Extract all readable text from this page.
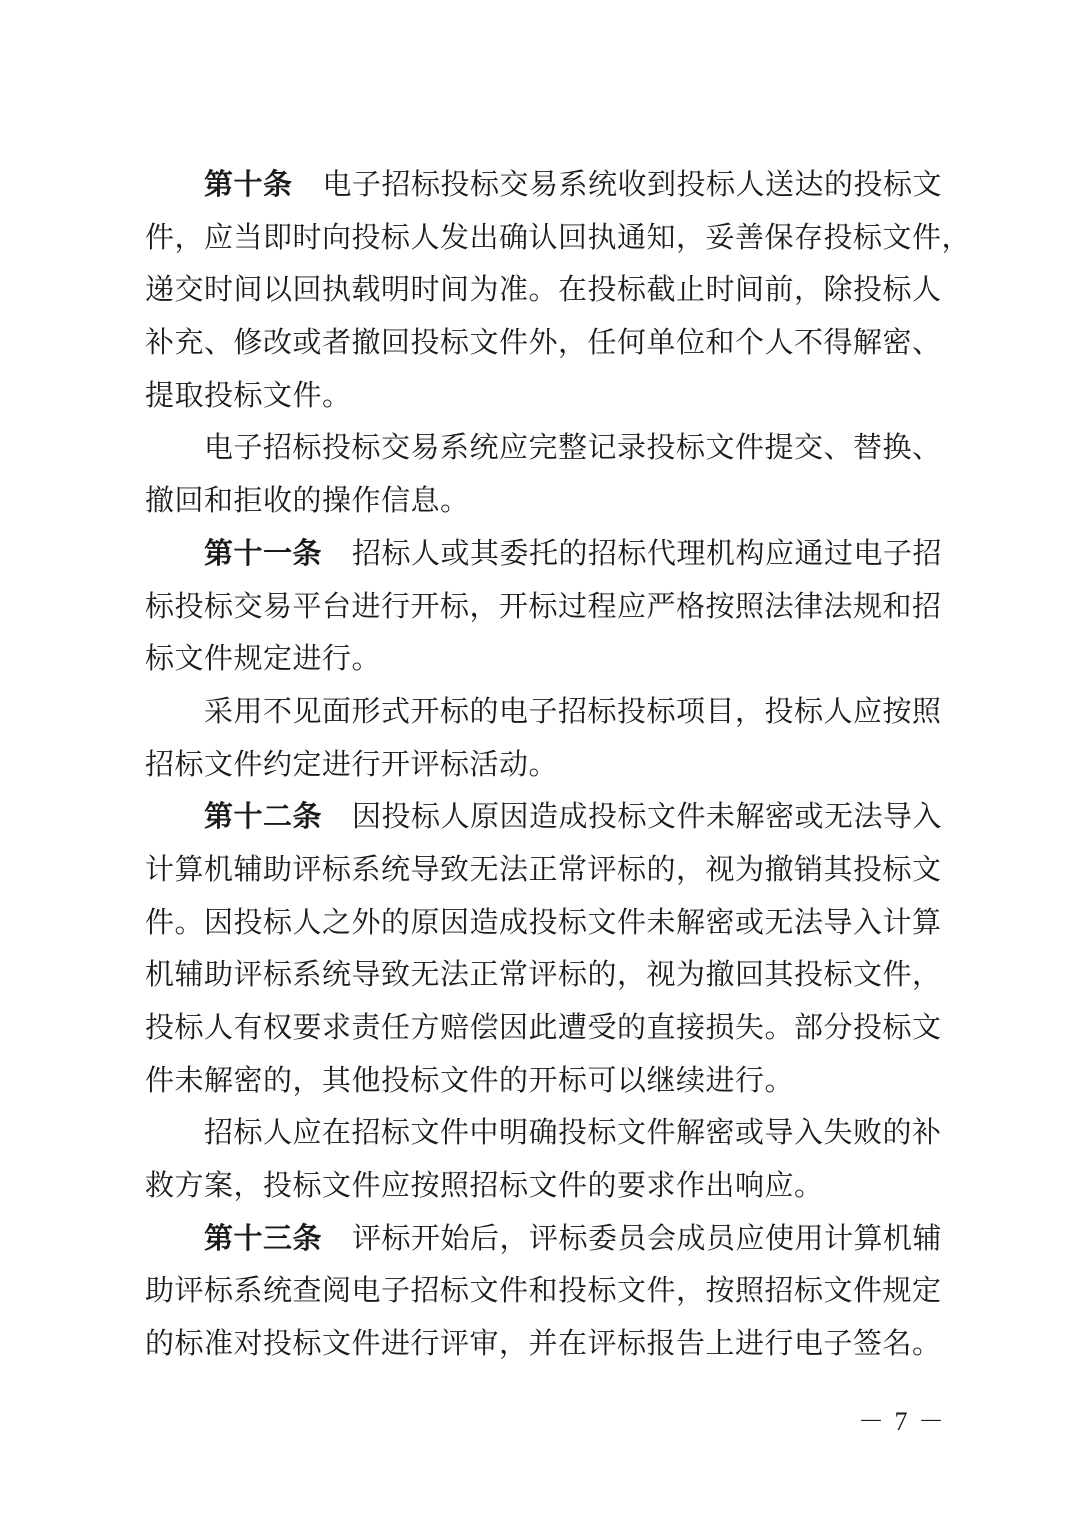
第十条 电子招标投标交易系统收到投标人送达的投标文
件，应当即时向投标人发出确认回执通知，妥善保存投标文件，
递交时间以回执载明时间为准。在投标截止时间前，除投标人
补充、修改或者撤回投标文件外，任何单位和个人不得解密、
提取投标文件。
电子招标投标交易系统应完整记录投标文件提交、替换、
撤回和拒收的操作信息。
第十一条 招标人或其委托的招标代理机构应通过电子招
标投标交易平台进行开标，开标过程应严格按照法律法规和招
标文件规定进行。
采用不见面形式开标的电子招标投标项目，投标人应按照
招标文件约定进行开评标活动。
第十二条 因投标人原因造成投标文件未解密或无法导入
计算机辅助评标系统导致无法正常评标的，视为撤销其投标文
件。因投标人之外的原因造成投标文件未解密或无法导入计算
机辅助评标系统导致无法正常评标的，视为撤回其投标文件，
投标人有权要求责任方赔偿因此遭受的直接损失。部分投标文
件未解密的，其他投标文件的开标可以继续进行。
招标人应在招标文件中明确投标文件解密或导入失败的补
救方案，投标文件应按照招标文件的要求作出响应。
第十三条 评标开始后，评标委员会成员应使用计算机辅
助评标系统查阅电子招标文件和投标文件，按照招标文件规定
的标准对投标文件进行评审，并在评标报告上进行电子签名。
－ 7 －
